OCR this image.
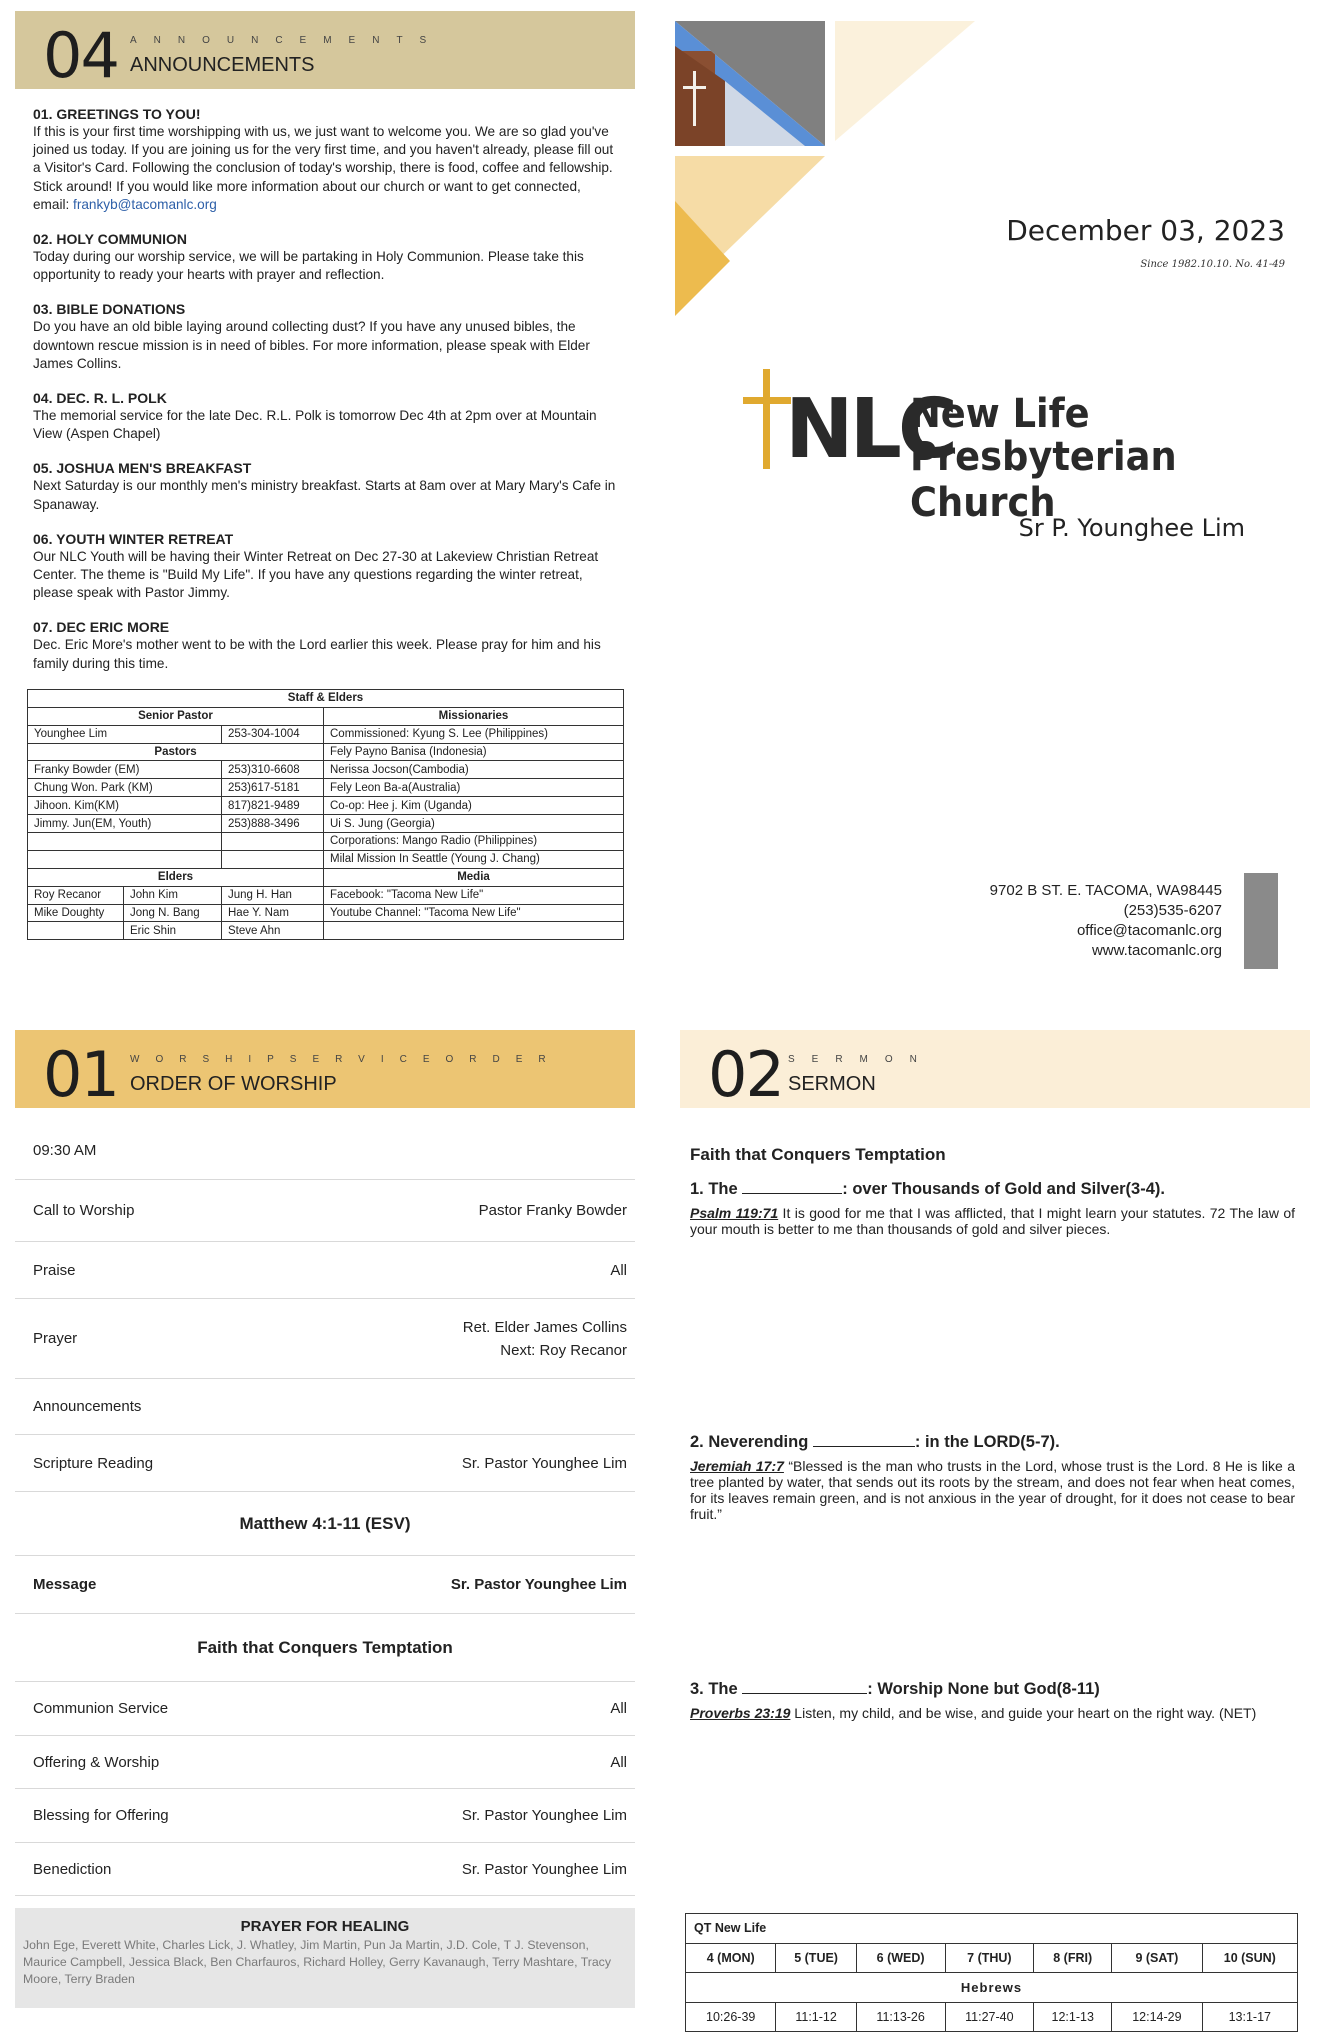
04 ANNOUNCEMENTS
ANNOUNCEMENTS
01. GREETINGS TO YOU!

If this is your first time worshipping with us, we just want to welcome you. We are so glad you've joined us today. If you are joining us for the very first time, and you haven't already, please fill out a Visitor's Card. Following the conclusion of today's worship, there is food, coffee and fellowship. Stick around! If you would like more information about our church or want to get connected, email: frankyb@tacomanlc.org

02. HOLY COMMUNION

Today during our worship service, we will be partaking in Holy Communion. Please take this opportunity to ready your hearts with prayer and reflection.

03. BIBLE DONATIONS

Do you have an old bible laying around collecting dust? If you have any unused bibles, the downtown rescue mission is in need of bibles. For more information, please speak with Elder James Collins.

04. DEC. R. L. POLK

The memorial service for the late Dec. R.L. Polk is tomorrow Dec 4th at 2pm over at Mountain View (Aspen Chapel)

05. JOSHUA MEN'S BREAKFAST

Next Saturday is our monthly men's ministry breakfast. Starts at 8am over at Mary Mary's Cafe in Spanaway.

06. YOUTH WINTER RETREAT

Our NLC Youth will be having their Winter Retreat on Dec 27-30 at Lakeview Christian Retreat Center. The theme is "Build My Life". If you have any questions regarding the winter retreat, please speak with Pastor Jimmy.

07. DEC ERIC MORE

Dec. Eric More's mother went to be with the Lord earlier this week. Please pray for him and his family during this time.

Staff & Elders			
Senior Pastor			Missionaries
Younghee Lim		253-304-1004	Commissioned: Kyung S. Lee (Philippines)
Pastors			Fely Payno Banisa (Indonesia)
Franky Bowder (EM)		253)310-6608	Nerissa Jocson(Cambodia)
Chung Won. Park (KM)		253)617-5181	Fely Leon Ba-a(Australia)
Jihoon. Kim(KM)		817)821-9489	Co-op: Hee j. Kim (Uganda)
Jimmy. Jun(EM, Youth)		253)888-3496	Ui S. Jung (Georgia)
			Corporations: Mango Radio (Philippines)
			Milal Mission In Seattle (Young J. Chang)
Elders			Media
Roy Recanor	John Kim	Jung H. Han	Facebook: "Tacoma New Life"
Mike Doughty	Jong N. Bang	Hae Y. Nam	Youtube Channel: "Tacoma New Life"
	Eric Shin	Steve Ahn	
December 03, 2023
Since 1982.10.10. No. 41-49
NLC
New Life
Presbyterian Church
Sr P. Younghee Lim
9702 B ST. E. TACOMA, WA98445
(253)535-6207
office@tacomanlc.org
www.tacomanlc.org
01 WORSHIPSERVICEORDER
ORDER OF WORSHIP
09:30 AM
Call to Worship	Pastor Franky Bowder
Praise	All
Prayer
Ret. Elder James Collins
Next: Roy Recanor
Announcements
Scripture Reading	Sr. Pastor Younghee Lim
Matthew 4:1-11 (ESV)
Message	Sr. Pastor Younghee Lim
Faith that Conquers Temptation
Communion Service	All
Offering & Worship	All
Blessing for Offering	Sr. Pastor Younghee Lim
Benediction	Sr. Pastor Younghee Lim
PRAYER FOR HEALING

John Ege, Everett White, Charles Lick, J. Whatley, Jim Martin, Pun Ja Martin, J.D. Cole, T J. Stevenson, Maurice Campbell, Jessica Black, Ben Charfauros, Richard Holley, Gerry Kavanaugh, Terry Mashtare, Tracy Moore, Terry Braden

02 SERMON
SERMON
Faith that Conquers Temptation
1. The	: over Thousands of Gold and Silver(3-4).

Psalm 119:71 It is good for me that I was afflicted, that I might learn your statutes. 72 The law of your mouth is better to me than thousands of gold and silver pieces.

2. Neverending	: in the LORD(5-7).

Jeremiah 17:7 “Blessed is the man who trusts in the Lord, whose trust is the Lord. 8 He is like a tree planted by water, that sends out its roots by the stream, and does not fear when heat comes, for its leaves remain green, and is not anxious in the year of drought, for it does not cease to bear fruit.”

3. The	: Worship None but God(8-11)

Proverbs 23:19 Listen, my child, and be wise, and guide your heart on the right way. (NET)

QT New Life						
4 (MON)	5 (TUE)	6 (WED)	7 (THU)	8 (FRI)	9 (SAT)	10 (SUN)
Hebrews						
10:26-39	11:1-12	11:13-26	11:27-40	12:1-13	12:14-29	13:1-17
